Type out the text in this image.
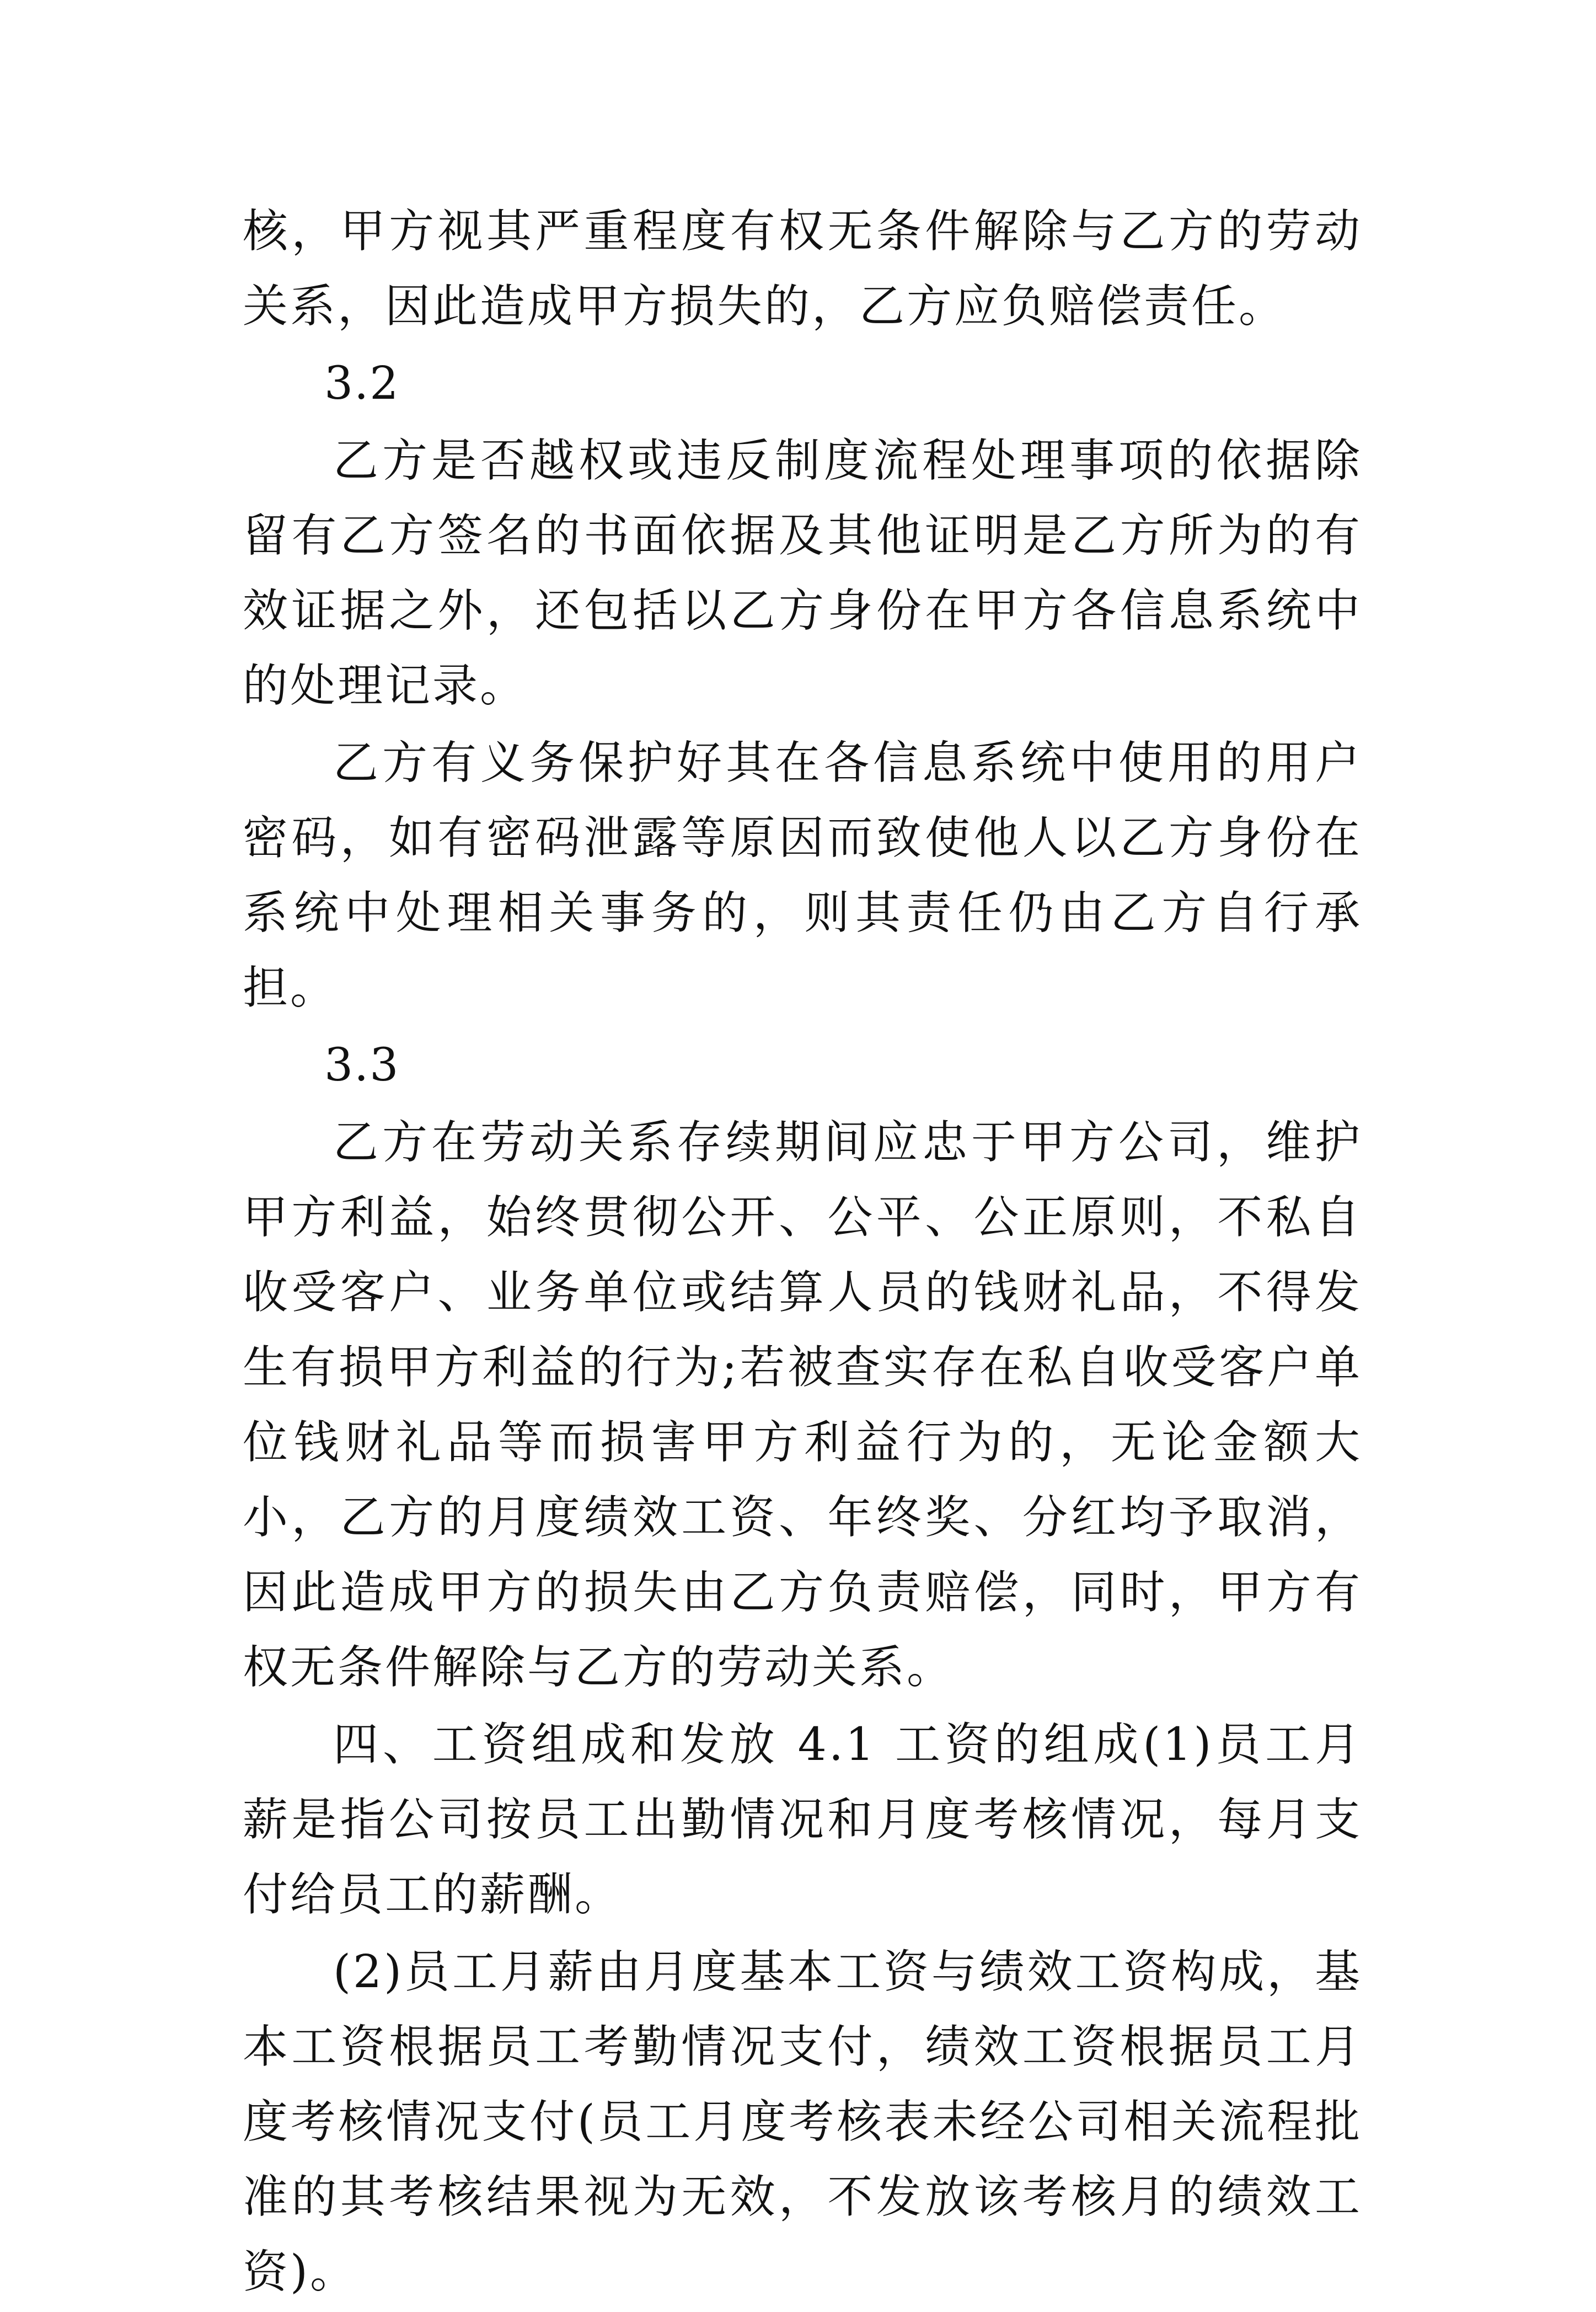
核，甲方视其严重程度有权无条件解除与乙方的劳动关系，因此造成甲方损失的，乙方应负赔偿责任。

3.2

乙方是否越权或违反制度流程处理事项的依据除留有乙方签名的书面依据及其他证明是乙方所为的有效证据之外，还包括以乙方身份在甲方各信息系统中的处理记录。

乙方有义务保护好其在各信息系统中使用的用户密码，如有密码泄露等原因而致使他人以乙方身份在系统中处理相关事务的，则其责任仍由乙方自行承担。

3.3

乙方在劳动关系存续期间应忠于甲方公司，维护甲方利益，始终贯彻公开、公平、公正原则，不私自收受客户、业务单位或结算人员的钱财礼品，不得发生有损甲方利益的行为;若被查实存在私自收受客户单位钱财礼品等而损害甲方利益行为的，无论金额大小，乙方的月度绩效工资、年终奖、分红均予取消，因此造成甲方的损失由乙方负责赔偿，同时，甲方有权无条件解除与乙方的劳动关系。

四、工资组成和发放 4.1 工资的组成(1)员工月薪是指公司按员工出勤情况和月度考核情况，每月支付给员工的薪酬。

(2)员工月薪由月度基本工资与绩效工资构成，基本工资根据员工考勤情况支付，绩效工资根据员工月度考核情况支付(员工月度考核表未经公司相关流程批准的其考核结果视为无效，不发放该考核月的绩效工资)。
